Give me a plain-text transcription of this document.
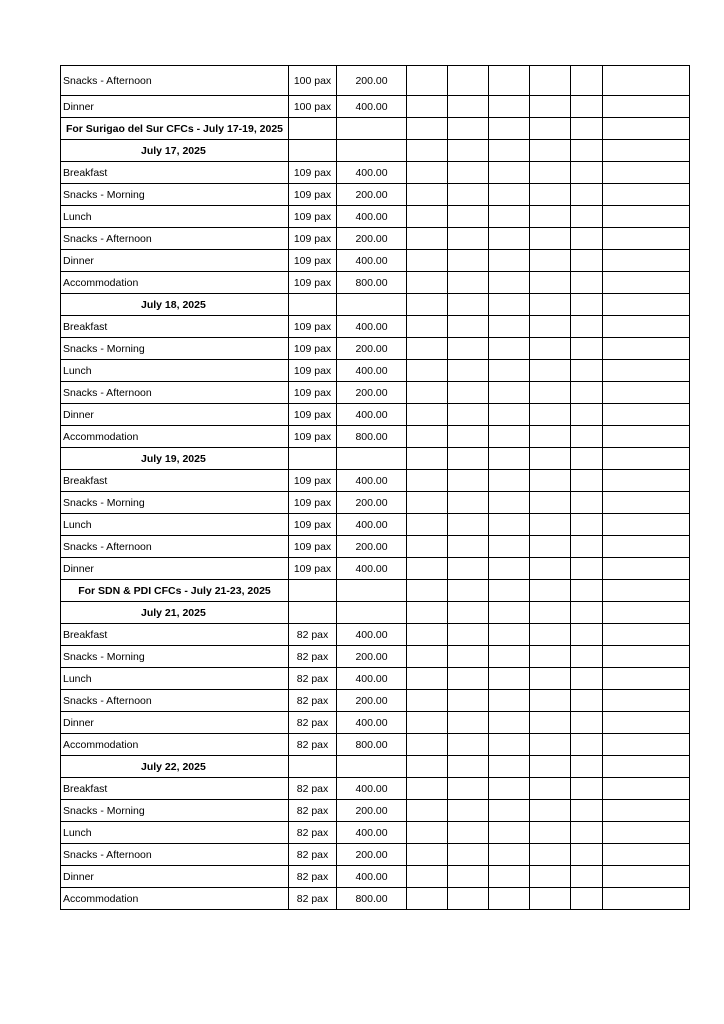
Snacks - Afternoon	100 pax	200.00						
Dinner	100 pax	400.00						
For Surigao del Sur CFCs - July 17-19, 2025								
July 17, 2025								
Breakfast	109 pax	400.00						
Snacks - Morning	109 pax	200.00						
Lunch	109 pax	400.00						
Snacks - Afternoon	109 pax	200.00						
Dinner	109 pax	400.00						
Accommodation	109 pax	800.00						
July 18, 2025								
Breakfast	109 pax	400.00						
Snacks - Morning	109 pax	200.00						
Lunch	109 pax	400.00						
Snacks - Afternoon	109 pax	200.00						
Dinner	109 pax	400.00						
Accommodation	109 pax	800.00						
July 19, 2025								
Breakfast	109 pax	400.00						
Snacks - Morning	109 pax	200.00						
Lunch	109 pax	400.00						
Snacks - Afternoon	109 pax	200.00						
Dinner	109 pax	400.00						
For SDN & PDI CFCs - July 21-23, 2025								
July 21, 2025								
Breakfast	82 pax	400.00						
Snacks - Morning	82 pax	200.00						
Lunch	82 pax	400.00						
Snacks - Afternoon	82 pax	200.00						
Dinner	82 pax	400.00						
Accommodation	82 pax	800.00						
July 22, 2025								
Breakfast	82 pax	400.00						
Snacks - Morning	82 pax	200.00						
Lunch	82 pax	400.00						
Snacks - Afternoon	82 pax	200.00						
Dinner	82 pax	400.00						
Accommodation	82 pax	800.00						
